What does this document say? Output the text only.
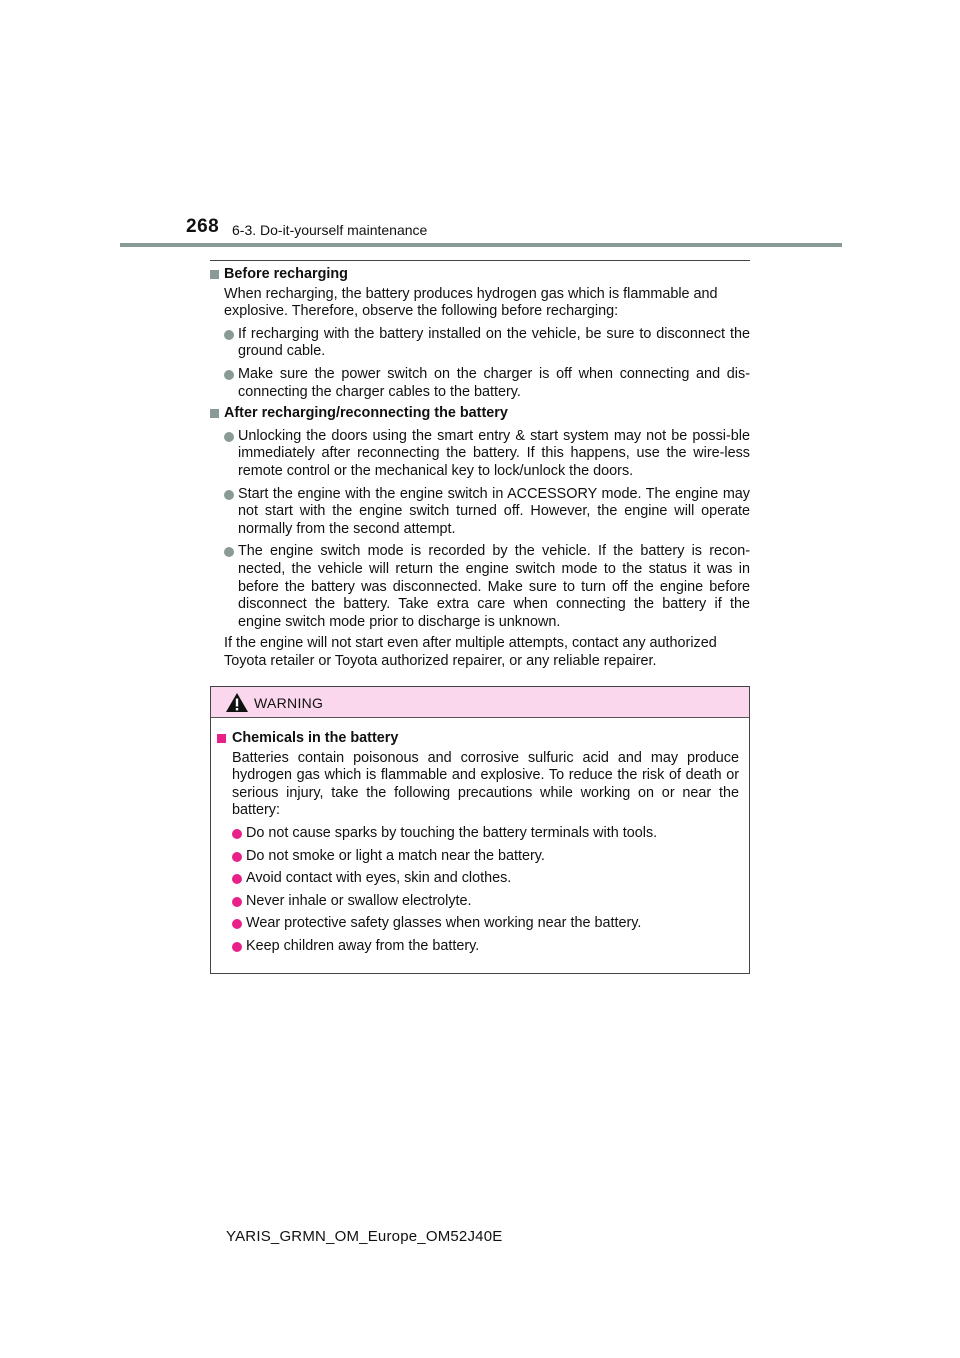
268 6-3. Do-it-yourself maintenance
Before recharging
When recharging, the battery produces hydrogen gas which is flammable and explosive. Therefore, observe the following before recharging:
If recharging with the battery installed on the vehicle, be sure to disconnect the ground cable.
Make sure the power switch on the charger is off when connecting and dis-connecting the charger cables to the battery.
After recharging/reconnecting the battery
Unlocking the doors using the smart entry & start system may not be possi-ble immediately after reconnecting the battery. If this happens, use the wire-less remote control or the mechanical key to lock/unlock the doors.
Start the engine with the engine switch in ACCESSORY mode. The engine may not start with the engine switch turned off. However, the engine will operate normally from the second attempt.
The engine switch mode is recorded by the vehicle. If the battery is recon-nected, the vehicle will return the engine switch mode to the status it was in before the battery was disconnected. Make sure to turn off the engine before disconnect the battery. Take extra care when connecting the battery if the engine switch mode prior to discharge is unknown.
If the engine will not start even after multiple attempts, contact any authorized Toyota retailer or Toyota authorized repairer, or any reliable repairer.
WARNING
Chemicals in the battery
Batteries contain poisonous and corrosive sulfuric acid and may produce hydrogen gas which is flammable and explosive. To reduce the risk of death or serious injury, take the following precautions while working on or near the battery:
Do not cause sparks by touching the battery terminals with tools.
Do not smoke or light a match near the battery.
Avoid contact with eyes, skin and clothes.
Never inhale or swallow electrolyte.
Wear protective safety glasses when working near the battery.
Keep children away from the battery.
YARIS_GRMN_OM_Europe_OM52J40E
